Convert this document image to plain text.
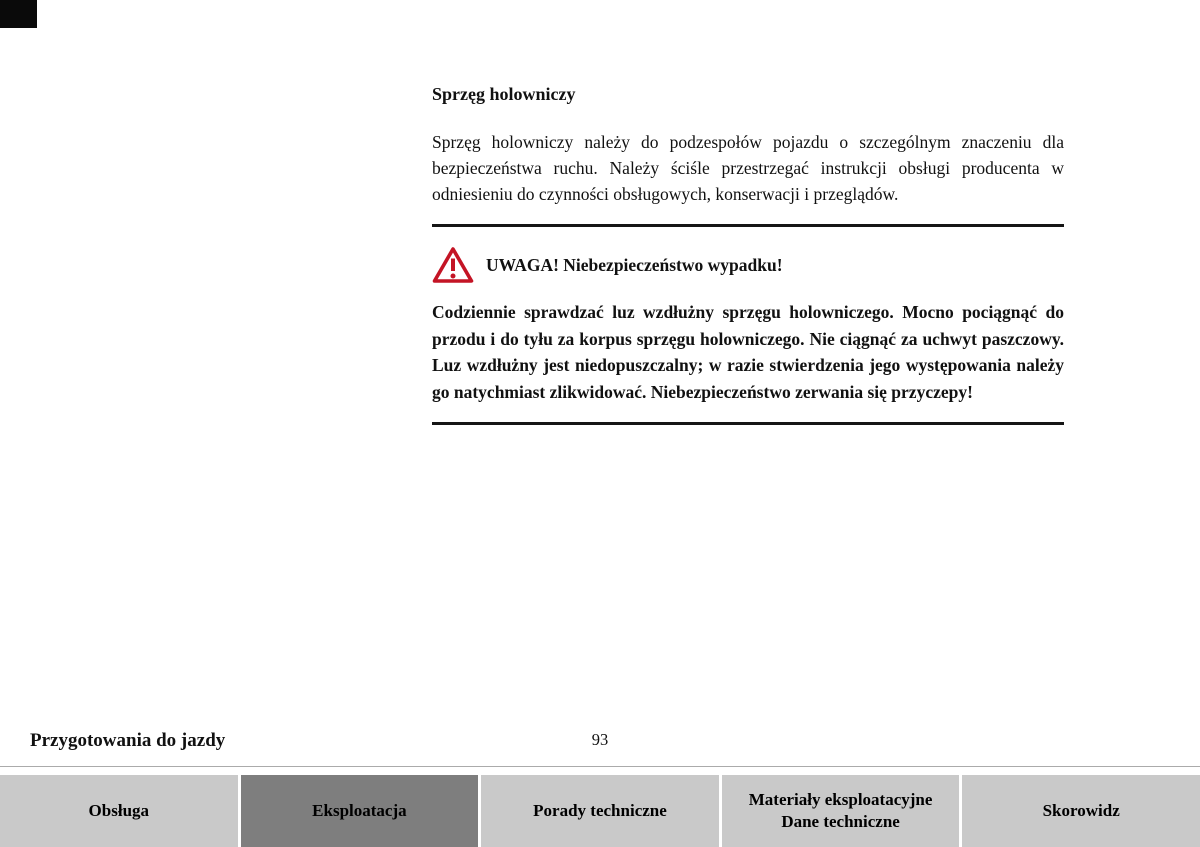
Sprzęg holowniczy
Sprzęg holowniczy należy do podzespołów pojazdu o szczególnym znaczeniu dla bezpieczeństwa ruchu. Należy ściśle przestrzegać instrukcji obsługi producenta w odniesieniu do czynności obsługowych, konserwacji i przeglądów.
UWAGA! Niebezpieczeństwo wypadku!
Codziennie sprawdzać luz wzdłużny sprzęgu holowniczego. Mocno pociągnąć do przodu i do tyłu za korpus sprzęgu holowniczego. Nie ciągnąć za uchwyt paszczowy. Luz wzdłużny jest niedopuszczalny; w razie stwierdzenia jego występowania należy go natychmiast zlikwidować. Niebezpieczeństwo zerwania się przyczepy!
Przygotowania do jazdy	93
Obsługa	Eksploatacja	Porady techniczne
Materiały eksploatacyjne
Dane techniczne
Skorowidz
